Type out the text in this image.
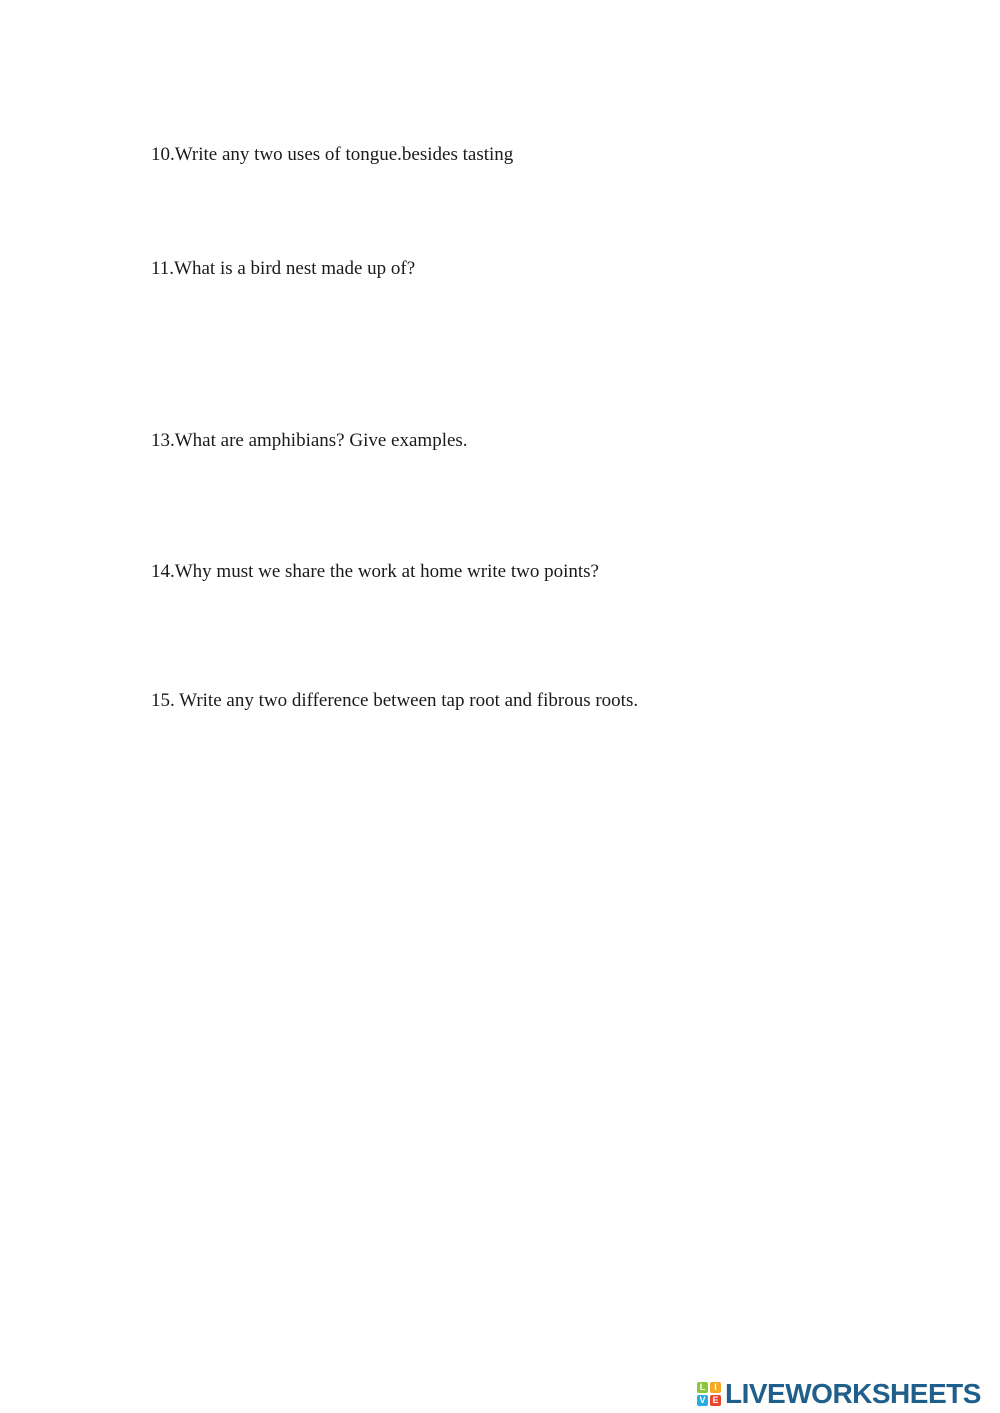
10.Write any two uses of tongue.besides tasting

11.What is a bird nest made up of?

13.What are amphibians? Give examples.

14.Why must we share the work at home write two points?

15. Write any two difference between tap root and fibrous roots.

L I
V E LIVEWORKSHEETS
